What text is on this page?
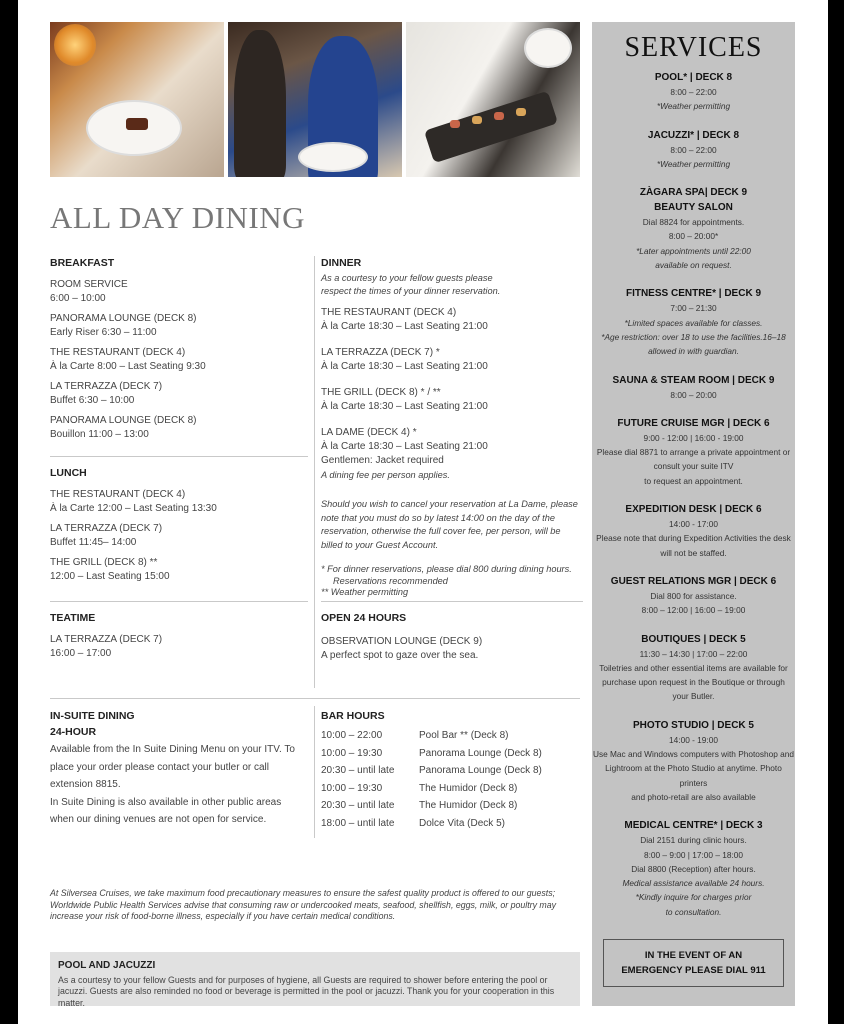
ALL DAY DINING
BREAKFAST
ROOM SERVICE
6:00 – 10:00
PANORAMA LOUNGE (DECK 8)
Early Riser 6:30 – 11:00
THE RESTAURANT (DECK 4)
À la Carte 8:00 – Last Seating 9:30
LA TERRAZZA (DECK 7)
Buffet 6:30 – 10:00
PANORAMA LOUNGE (DECK 8)
Bouillon 11:00 – 13:00
LUNCH
THE RESTAURANT (DECK 4)
À la Carte 12:00 – Last Seating 13:30
LA TERRAZZA (DECK 7)
Buffet 11:45– 14:00
THE GRILL (DECK 8) **
12:00 – Last Seating 15:00
TEATIME
LA TERRAZZA (DECK 7)
16:00 – 17:00
DINNER
As a courtesy to your fellow guests please respect the times of your dinner reservation.
THE RESTAURANT (DECK 4)
À la Carte 18:30 – Last Seating 21:00
LA TERRAZZA (DECK 7) *
À la Carte 18:30 – Last Seating 21:00
THE GRILL (DECK 8) * / **
À la Carte 18:30 – Last Seating 21:00
LA DAME (DECK 4) *
À la Carte 18:30 – Last Seating 21:00
Gentlemen: Jacket required
A dining fee per person applies.
Should you wish to cancel your reservation at La Dame, please note that you must do so by latest 14:00 on the day of the reservation, otherwise the full cover fee, per person, will be billed to your Guest Account.
* For dinner reservations, please dial 800 during dining hours.
Reservations recommended
** Weather permitting
OPEN 24 HOURS
OBSERVATION LOUNGE (DECK 9)
A perfect spot to gaze over the sea.
IN-SUITE DINING
24-HOUR
Available from the In Suite Dining Menu on your ITV. To place your order please contact your butler or call extension 8815.
In Suite Dining is also available in other public areas when our dining venues are not open for service.
BAR HOURS
10:00 – 22:00	Pool Bar ** (Deck 8)
10:00 – 19:30	Panorama Lounge (Deck 8)
20:30 – until late	Panorama Lounge (Deck 8)
10:00 – 19:30	The Humidor (Deck 8)
20:30 – until late	The Humidor (Deck 8)
18:00 – until late	Dolce Vita (Deck 5)
At Silversea Cruises, we take maximum food precautionary measures to ensure the safest quality product is offered to our guests; Worldwide Public Health Services advise that consuming raw or undercooked meats, seafood, shellfish, eggs, milk, or poultry may increase your risk of food-borne illness, especially if you have certain medical conditions.
POOL AND JACUZZI
As a courtesy to your fellow Guests and for purposes of hygiene, all Guests are required to shower before entering the pool or jacuzzi. Guests are also reminded no food or beverage is permitted in the pool or jacuzzi. Thank you for your cooperation in this matter.
SERVICES
POOL* | DECK 8
8:00 – 22:00
*Weather permitting
JACUZZI* | DECK 8
8:00 – 22:00
*Weather permitting
ZÀGARA SPA| DECK 9
BEAUTY SALON
Dial 8824 for appointments.
8:00 – 20:00*
*Later appointments until 22:00
available on request.
FITNESS CENTRE* | DECK 9
7:00 – 21:30
*Limited spaces available for classes.
*Age restriction: over 18 to use the facilities.16–18
allowed in with guardian.
SAUNA & STEAM ROOM | DECK 9
8:00 – 20:00
FUTURE CRUISE MGR | DECK 6
9:00 - 12:00 | 16:00 - 19:00
Please dial 8871 to arrange a private appointment or
consult your suite ITV
to request an appointment.
EXPEDITION DESK | DECK 6
14:00 - 17:00
Please note that during Expedition Activities the desk
will not be staffed.
GUEST RELATIONS MGR | DECK 6
Dial 800 for assistance.
8:00 – 12:00 | 16:00 – 19:00
BOUTIQUES | DECK 5
11:30 – 14:30 | 17:00 – 22:00
Toiletries and other essential items are available for
purchase upon request in the Boutique or through
your Butler.
PHOTO STUDIO | DECK 5
14:00 - 19:00
Use Mac and Windows computers with Photoshop and
Lightroom at the Photo Studio at anytime. Photo printers
and photo-retail are also available
MEDICAL CENTRE* | DECK 3
Dial 2151 during clinic hours.
8:00 – 9:00 | 17:00 – 18:00
Dial 8800 (Reception) after hours.
Medical assistance available 24 hours.
*Kindly inquire for charges prior
to consultation.
IN THE EVENT OF AN
EMERGENCY PLEASE DIAL 911
